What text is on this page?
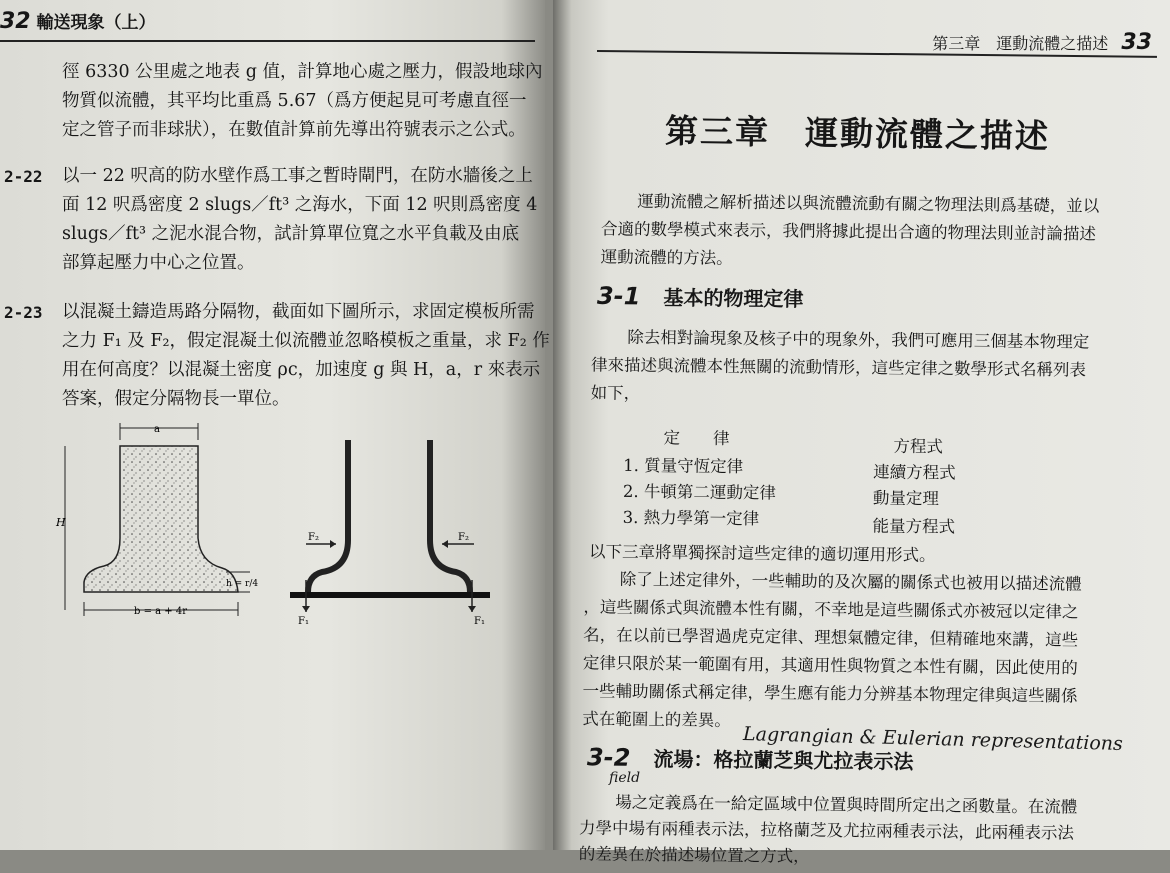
32 輸送現象（上）
徑 6330 公里處之地表 g 值，計算地心處之壓力，假設地球內
物質似流體，其平均比重爲 5.67（爲方便起見可考慮直徑一
定之管子而非球狀），在數值計算前先導出符號表示之公式。
2-22 以一 22 呎高的防水壁作爲工事之暫時閘門，在防水牆後之上
面 12 呎爲密度 2 slugs／ft³ 之海水，下面 12 呎則爲密度 4
slugs／ft³ 之泥水混合物，試計算單位寬之水平負載及由底
部算起壓力中心之位置。
2-23 以混凝土鑄造馬路分隔物，截面如下圖所示，求固定模板所需
之力 F₁ 及 F₂，假定混凝土似流體並忽略模板之重量，求 F₂ 作
用在何高度？以混凝土密度 ρc，加速度 g 與 H，a，r 來表示
答案，假定分隔物長一單位。
a
H
h = r/4
b = a + 4r
F₂	F₂
F₁	F₁
第三章　運動流體之描述 33
第三章　運動流體之描述
運動流體之解析描述以與流體流動有關之物理法則爲基礎，並以
合適的數學模式來表示，我們將據此提出合適的物理法則並討論描述
運動流體的方法。
3-1 基本的物理定律
除去相對論現象及核子中的現象外，我們可應用三個基本物理定
律來描述與流體本性無關的流動情形，這些定律之數學形式名稱列表
如下，
定　　律	方程式
1. 質量守恆定律	連續方程式
2. 牛頓第二運動定律	動量定理
3. 熱力學第一定律	能量方程式
以下三章將單獨探討這些定律的適切運用形式。
除了上述定律外，一些輔助的及次屬的關係式也被用以描述流體
，這些關係式與流體本性有關，不幸地是這些關係式亦被冠以定律之
名，在以前已學習過虎克定律、理想氣體定律，但精確地來講，這些
定律只限於某一範圍有用，其適用性與物質之本性有關，因此使用的
一些輔助關係式稱定律，學生應有能力分辨基本物理定律與這些關係
式在範圍上的差異。
Lagrangian & Eulerian representations
field
3-2 流場：格拉蘭芝與尤拉表示法
場之定義爲在一給定區域中位置與時間所定出之函數量。在流體
力學中場有兩種表示法，拉格蘭芝及尤拉兩種表示法，此兩種表示法
的差異在於描述場位置之方式，
